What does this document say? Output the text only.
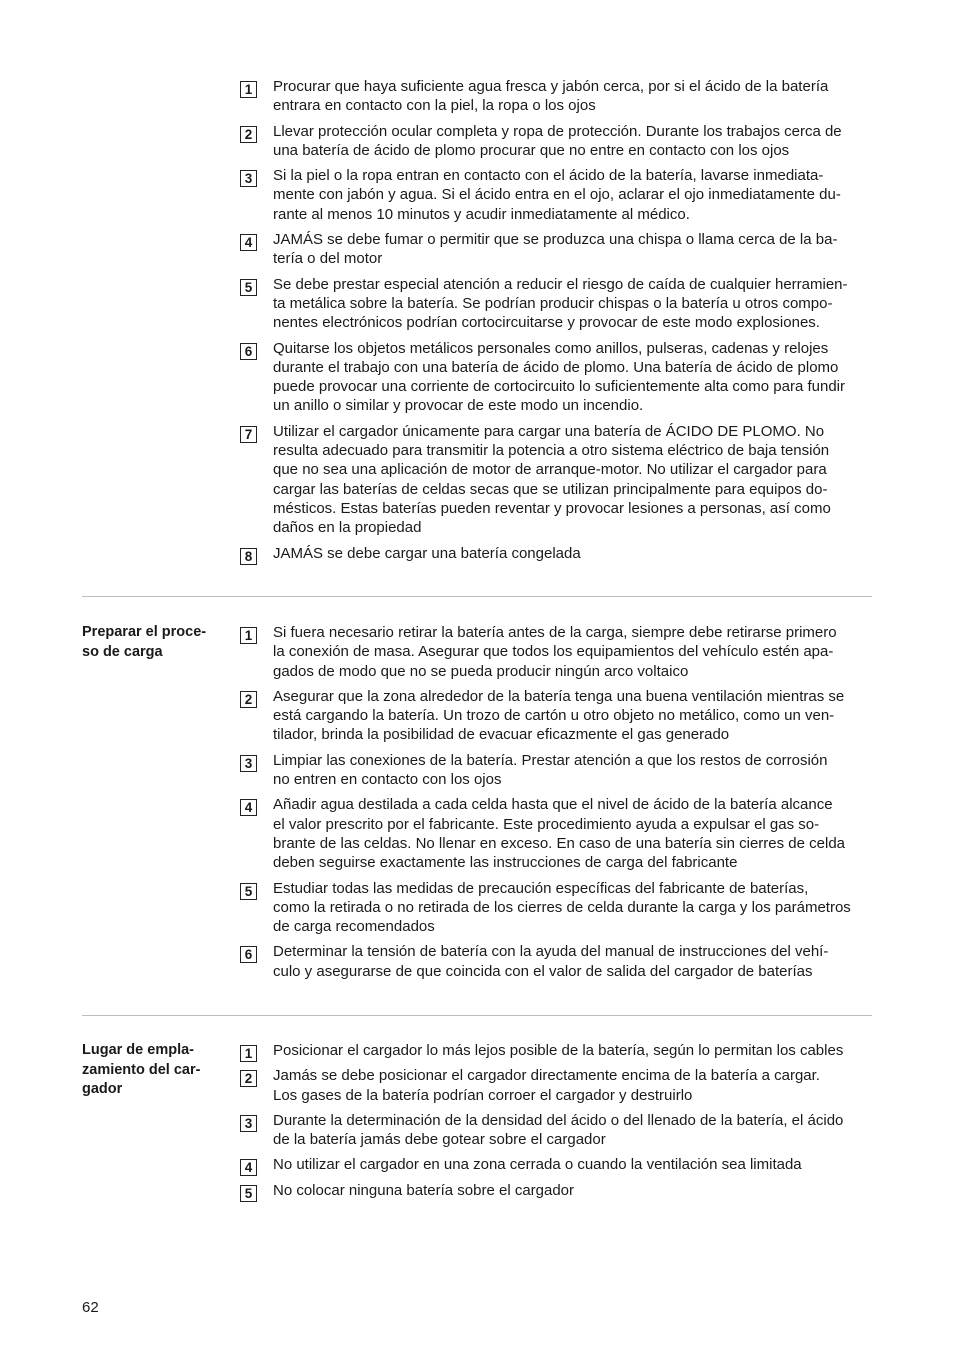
1	Procurar que haya suficiente agua fresca y jabón cerca, por si el ácido de la batería
entrara en contacto con la piel, la ropa o los ojos
2	Llevar protección ocular completa y ropa de protección. Durante los trabajos cerca de
una batería de ácido de plomo procurar que no entre en contacto con los ojos
3	Si la piel o la ropa entran en contacto con el ácido de la batería, lavarse inmediata-
mente con jabón y agua. Si el ácido entra en el ojo, aclarar el ojo inmediatamente du-
rante al menos 10 minutos y acudir inmediatamente al médico.
4	JAMÁS se debe fumar o permitir que se produzca una chispa o llama cerca de la ba-
tería o del motor
5	Se debe prestar especial atención a reducir el riesgo de caída de cualquier herramien-
ta metálica sobre la batería. Se podrían producir chispas o la batería u otros compo-
nentes electrónicos podrían cortocircuitarse y provocar de este modo explosiones.
6	Quitarse los objetos metálicos personales como anillos, pulseras, cadenas y relojes
durante el trabajo con una batería de ácido de plomo. Una batería de ácido de plomo
puede provocar una corriente de cortocircuito lo suficientemente alta como para fundir
un anillo o similar y provocar de este modo un incendio.
7	Utilizar el cargador únicamente para cargar una batería de ÁCIDO DE PLOMO. No
resulta adecuado para transmitir la potencia a otro sistema eléctrico de baja tensión
que no sea una aplicación de motor de arranque-motor. No utilizar el cargador para
cargar las baterías de celdas secas que se utilizan principalmente para equipos do-
mésticos. Estas baterías pueden reventar y provocar lesiones a personas, así como
daños en la propiedad
8	JAMÁS se debe cargar una batería congelada
Preparar el proce-
so de carga
1	Si fuera necesario retirar la batería antes de la carga, siempre debe retirarse primero
la conexión de masa. Asegurar que todos los equipamientos del vehículo estén apa-
gados de modo que no se pueda producir ningún arco voltaico
2	Asegurar que la zona alrededor de la batería tenga una buena ventilación mientras se
está cargando la batería. Un trozo de cartón u otro objeto no metálico, como un ven-
tilador, brinda la posibilidad de evacuar eficazmente el gas generado
3	Limpiar las conexiones de la batería. Prestar atención a que los restos de corrosión
no entren en contacto con los ojos
4	Añadir agua destilada a cada celda hasta que el nivel de ácido de la batería alcance
el valor prescrito por el fabricante. Este procedimiento ayuda a expulsar el gas so-
brante de las celdas. No llenar en exceso. En caso de una batería sin cierres de celda
deben seguirse exactamente las instrucciones de carga del fabricante
5	Estudiar todas las medidas de precaución específicas del fabricante de baterías,
como la retirada o no retirada de los cierres de celda durante la carga y los parámetros
de carga recomendados
6	Determinar la tensión de batería con la ayuda del manual de instrucciones del vehí-
culo y asegurarse de que coincida con el valor de salida del cargador de baterías
Lugar de empla-
zamiento del car-
gador
1	Posicionar el cargador lo más lejos posible de la batería, según lo permitan los cables
2	Jamás se debe posicionar el cargador directamente encima de la batería a cargar.
Los gases de la batería podrían corroer el cargador y destruirlo
3	Durante la determinación de la densidad del ácido o del llenado de la batería, el ácido
de la batería jamás debe gotear sobre el cargador
4	No utilizar el cargador en una zona cerrada o cuando la ventilación sea limitada
5	No colocar ninguna batería sobre el cargador
62
